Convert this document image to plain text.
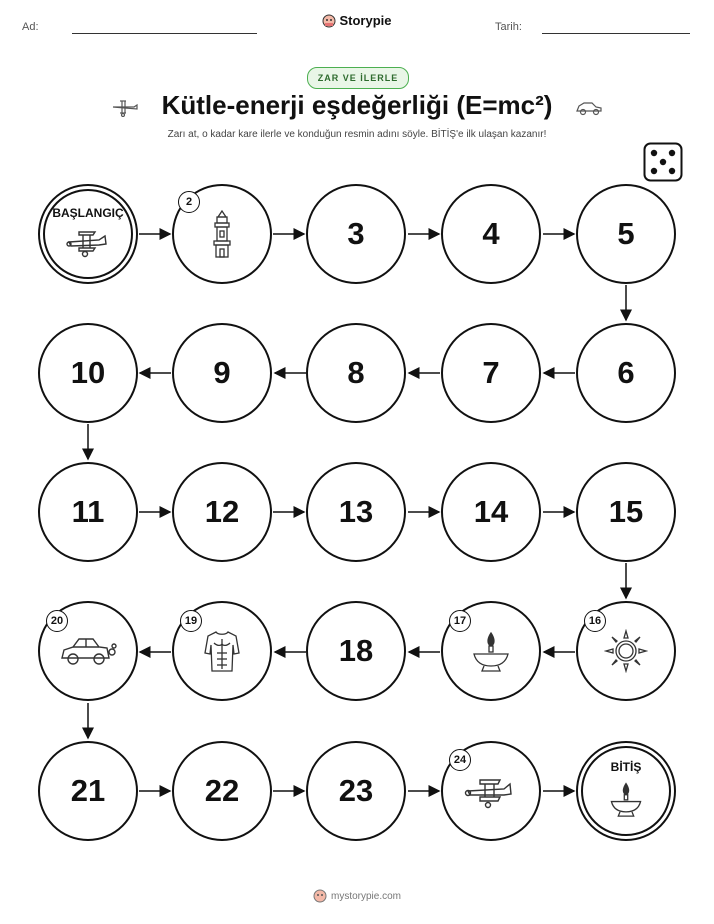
Ad:	Storypie	Tarih:
ZAR VE İLERLE
Kütle-enerji eşdeğerliği (E=mc²)
Zarı at, o kadar kare ilerle ve konduğun resmin adını söyle. BİTİŞ'e ilk ulaşan kazanır!
BAŞLANGIÇ
2
3	4	5
6
7
8
9
10
11	12	13	14	15
16
17
18
19
20
21	22	23
24	BİTİŞ
mystorypie.com
